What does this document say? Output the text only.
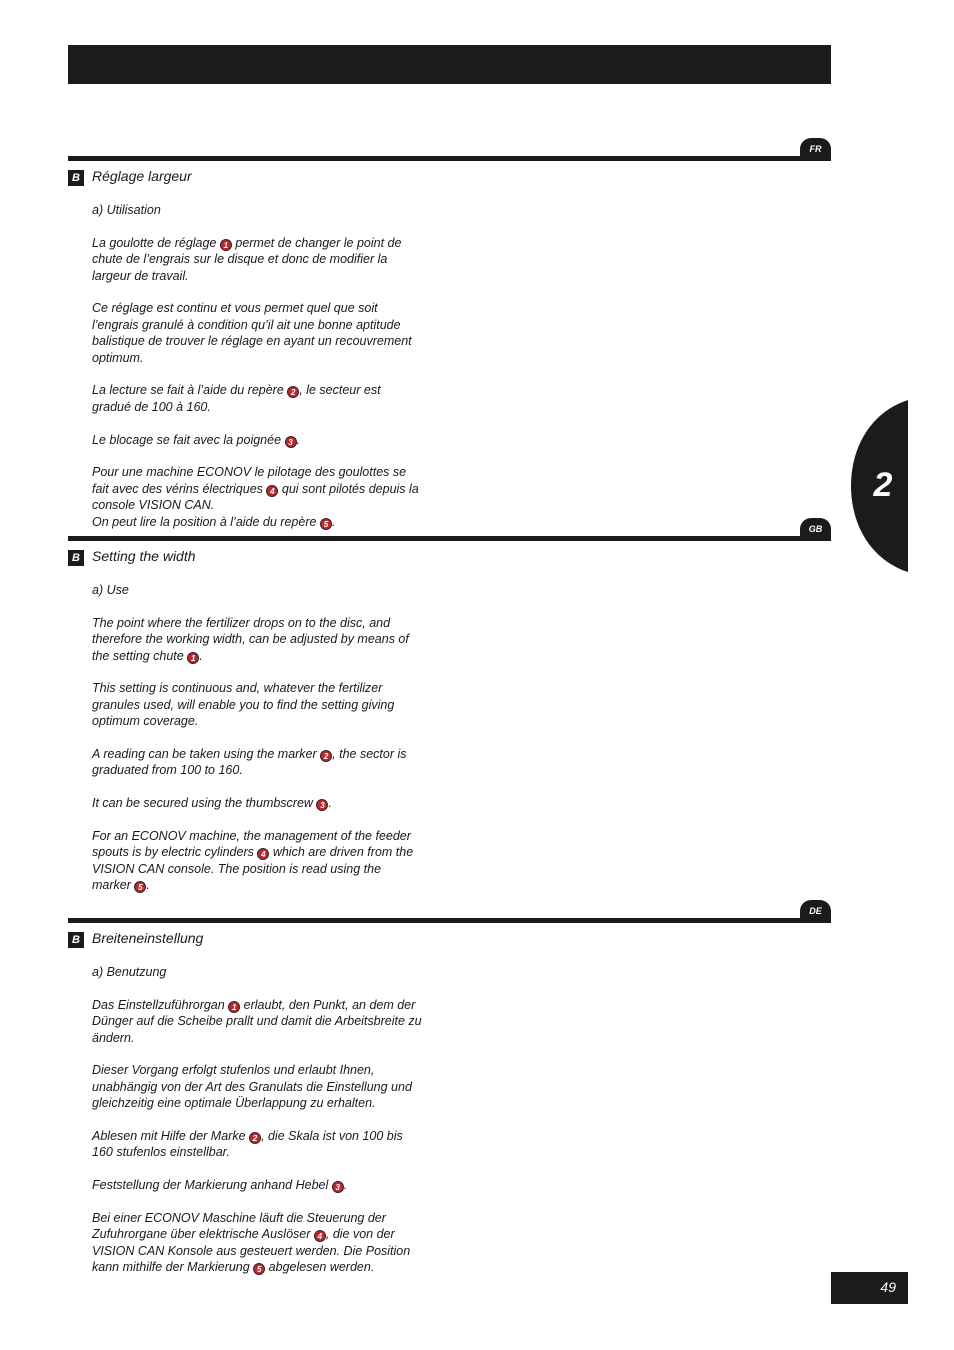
Réglages   /  Settings  /  Einstellungen

FR
B Réglage largeur

a) Utilisation

La goulotte de réglage 1 permet de changer le point de chute de l’engrais sur le disque et donc de modifier la largeur de travail.

Ce réglage est continu et vous permet quel que soit l’engrais granulé à condition qu’il ait une bonne aptitude balistique de trouver le réglage en ayant un recouvrement optimum.

La lecture se fait à l’aide du repère 2 , le secteur est gradué de 100 à 160.

Le blocage se fait avec la poignée 3 .

Pour une machine ECONOV le pilotage des goulottes se fait avec des vérins électriques 4 qui sont pilotés depuis la console VISION CAN.

On peut lire la position à l’aide du repère 5 .

GB
B Setting the width

a) Use

The point where the fertilizer drops on to the disc, and therefore the working width, can be adjusted by means of the setting chute 1 .

This setting is continuous and, whatever the fertilizer granules used, will enable you to find the setting giving optimum coverage.

A reading can be taken using the marker 2 , the sector is graduated from 100 to 160.

It can be secured using the thumbscrew 3 .

For an ECONOV machine, the management of the feeder spouts is by electric cylinders 4 which are driven from the VISION CAN console. The position is read using the marker 5 .

DE
B Breiteneinstellung

a) Benutzung

Das Einstellzuführorgan 1 erlaubt, den Punkt, an dem der Dünger auf die Scheibe prallt und damit die Arbeitsbreite zu ändern.

Dieser Vorgang erfolgt stufenlos und erlaubt Ihnen, unabhängig von der Art des Granulats die Einstellung und gleichzeitig eine optimale Überlappung zu erhalten.

Ablesen mit Hilfe der Marke 2 , die Skala ist von 100 bis 160 stufenlos einstellbar.

Feststellung der Markierung anhand Hebel 3 .

Bei einer ECONOV Maschine läuft die Steuerung der Zufuhrorgane über elektrische Auslöser 4 , die von der VISION CAN Konsole aus gesteuert werden. Die Position kann mithilfe der Markierung 5 abgelesen werden.

2
49
